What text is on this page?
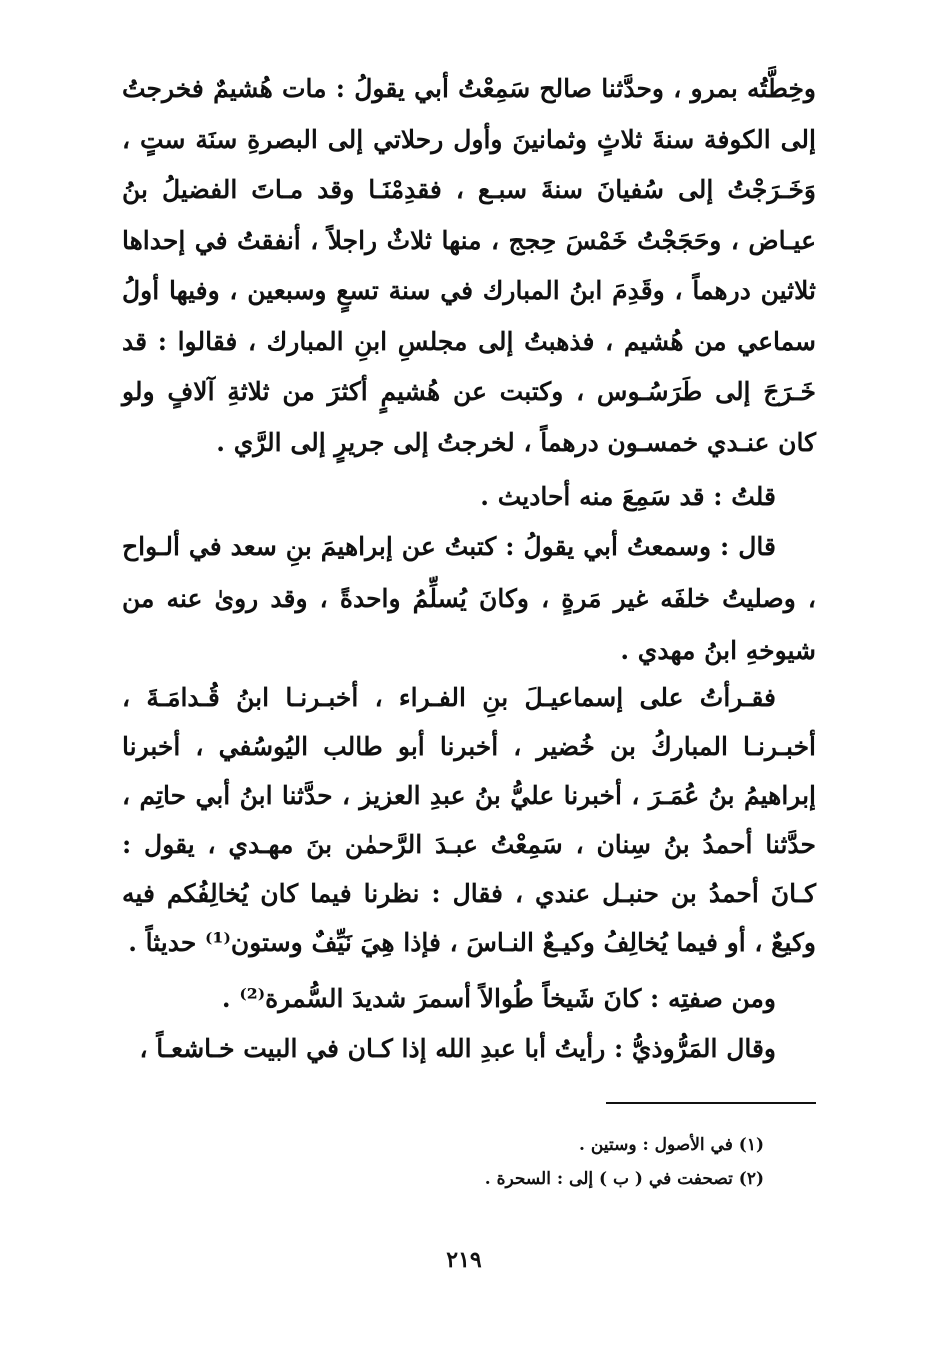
وخِطَّتُه بمرو ، وحدَّثنا صالح سَمِعْتُ أبي يقولُ : مات هُشيمٌ فخرجتُ إلى الكوفة سنةَ ثلاثٍ وثمانينَ وأول رحلاتي إلى البصرةِ سنَة ستٍ ، وَخَـرَجْتُ إلى سُفيانَ سنةَ سبـع ، فقدِمْنَـا وقد مـاتَ الفضيلُ بنُ عيـاض ، وحَجَجْتُ خَمْسَ حِجج ، منها ثلاثٌ راجلاً ، أنفقتُ في إحداها ثلاثين درهماً ، وقَدِمَ ابنُ المبارك في سنة تسعٍ وسبعين ، وفيها أولُ سماعي من هُشيم ، فذهبتُ إلى مجلسِ ابنِ المبارك ، فقالوا : قد خَـرَجَ إلى طَرَسُـوس ، وكتبت عن هُشيمٍ أكثرَ من ثلاثةِ آلافٍ ولو كان عنـدي خمسـون درهماً ، لخرجتُ إلى جريرٍ إلى الرَّي .

قلتُ : قد سَمِعَ منه أحاديث .

قال : وسمعتُ أبي يقولُ : كتبتُ عن إبراهيمَ بنِ سعد في ألـواح ، وصليتُ خلفَه غير مَرةٍ ، وكانَ يُسلِّمُ واحدةً ، وقد روىٰ عنه من شيوخهِ ابنُ مهدي .

فقـرأتُ على إسماعيـلَ بنِ الفـراء ، أخبـرنـا ابنُ قُـدامَـةَ ، أخبـرنـا المباركُ بن خُضير ، أخبرنا أبو طالب اليُوسُفي ، أخبرنا إبراهيمُ بنُ عُمَـرَ ، أخبرنا عليُّ بنُ عبدِ العزيز ، حدَّثنا ابنُ أبي حاتِم ، حدَّثنا أحمدُ بنُ سِنان ، سَمِعْتُ عبـدَ الرَّحمٰن بنَ مهـدي ، يقول : كـانَ أحمدُ بن حنبـل عندي ، فقال : نظرنا فيما كان يُخالِفُكم فيه وكيعٌ ، أو فيما يُخالِفُ وكيـعٌ النـاسَ ، فإذا هِيَ نَيِّفٌ وستون⁽¹⁾ حديثاً .

ومن صفتِه : كانَ شَيخاً طُوالاً أسمرَ شديدَ السُّمرة⁽²⁾ .

وقال المَرُّوذيُّ : رأيتُ أبا عبدِ الله إذا كـان في البيت خـاشعـاً ،

(١) في الأصول : وستين .

(٢) تصحفت في ( ب ) إلى : السحرة .

٢١٩
